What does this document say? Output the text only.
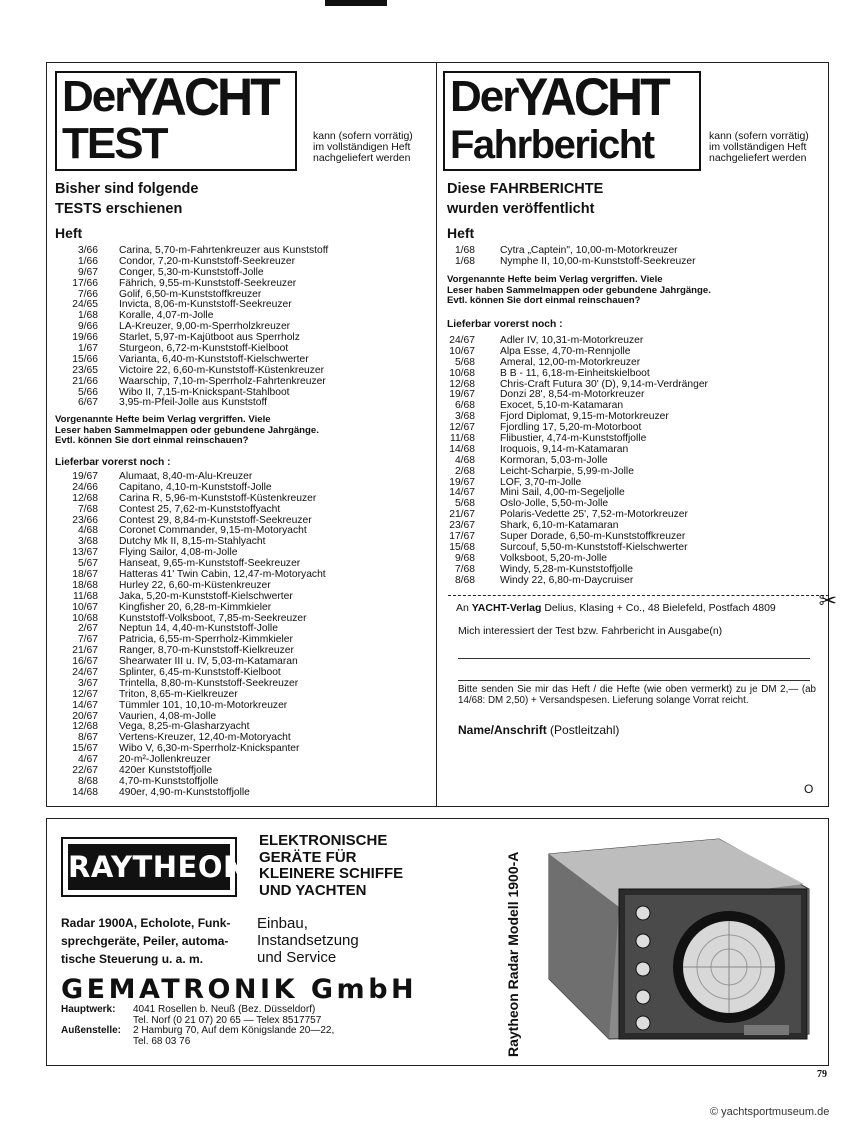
Der
YACHT
TEST	kann (sofern vorrätig)
im vollständigen Heft
nachgeliefert werden
Bisher sind folgende
TESTS erschienen
Heft
3/66 Carina, 5,70-m-Fahrtenkreuzer aus Kunststoff
1/66 Condor, 7,20-m-Kunststoff-Seekreuzer
9/67 Conger, 5,30-m-Kunststoff-Jolle
17/66 Fährich, 9,55-m-Kunststoff-Seekreuzer
7/66 Golif, 6,50-m-Kunststoffkreuzer
24/65 Invicta, 8,06-m-Kunststoff-Seekreuzer
1/68 Koralle, 4,07-m-Jolle
9/66 LA-Kreuzer, 9,00-m-Sperrholzkreuzer
19/66 Starlet, 5,97-m-Kajütboot aus Sperrholz
1/67 Sturgeon, 6,72-m-Kunststoff-Kielboot
15/66 Varianta, 6,40-m-Kunststoff-Kielschwerter
23/65 Victoire 22, 6,60-m-Kunststoff-Küstenkreuzer
21/66 Waarschip, 7,10-m-Sperrholz-Fahrtenkreuzer
5/66 Wibo II, 7,15-m-Knickspant-Stahlboot
6/67 3,95-m-Pfeil-Jolle aus Kunststoff
Vorgenannte Hefte beim Verlag vergriffen. Viele
Leser haben Sammelmappen oder gebundene Jahrgänge.
Evtl. können Sie dort einmal reinschauen?
Lieferbar vorerst noch :
19/67 Alumaat, 8,40-m-Alu-Kreuzer
24/66 Capitano, 4,10-m-Kunststoff-Jolle
12/68 Carina R, 5,96-m-Kunststoff-Küstenkreuzer
7/68 Contest 25, 7,62-m-Kunststoffyacht
23/66 Contest 29, 8,84-m-Kunststoff-Seekreuzer
4/68 Coronet Commander, 9,15-m-Motoryacht
3/68 Dutchy Mk II, 8,15-m-Stahlyacht
13/67 Flying Sailor, 4,08-m-Jolle
5/67 Hanseat, 9,65-m-Kunststoff-Seekreuzer
18/67 Hatteras 41' Twin Cabin, 12,47-m-Motoryacht
18/68 Hurley 22, 6,60-m-Küstenkreuzer
11/68 Jaka, 5,20-m-Kunststoff-Kielschwerter
10/67 Kingfisher 20, 6,28-m-Kimmkieler
10/68 Kunststoff-Volksboot, 7,85-m-Seekreuzer
2/67 Neptun 14, 4,40-m-Kunststoff-Jolle
7/67 Patricia, 6,55-m-Sperrholz-Kimmkieler
21/67 Ranger, 8,70-m-Kunststoff-Kielkreuzer
16/67 Shearwater III u. IV, 5,03-m-Katamaran
24/67 Splinter, 6,45-m-Kunststoff-Kielboot
3/67 Trintella, 8,80-m-Kunststoff-Seekreuzer
12/67 Triton, 8,65-m-Kielkreuzer
14/67 Tümmler 101, 10,10-m-Motorkreuzer
20/67 Vaurien, 4,08-m-Jolle
12/68 Vega, 8,25-m-Glasharzyacht
8/67 Vertens-Kreuzer, 12,40-m-Motoryacht
15/67 Wibo V, 6,30-m-Sperrholz-Knickspanter
4/67 20-m²-Jollenkreuzer
22/67 420er Kunststoffjolle
8/68 4,70-m-Kunststoffjolle
14/68 490er, 4,90-m-Kunststoffjolle
Der
YACHT
Fahrbericht	kann (sofern vorrätig)
im vollständigen Heft
nachgeliefert werden
Diese FAHRBERICHTE
wurden veröffentlicht
Heft
1/68 Cytra „Captein", 10,00-m-Motorkreuzer
1/68 Nymphe II, 10,00-m-Kunststoff-Seekreuzer
Vorgenannte Hefte beim Verlag vergriffen. Viele
Leser haben Sammelmappen oder gebundene Jahrgänge.
Evtl. können Sie dort einmal reinschauen?
Lieferbar vorerst noch :
24/67 Adler IV, 10,31-m-Motorkreuzer
10/67 Alpa Esse, 4,70-m-Rennjolle
5/68 Ameral, 12,00-m-Motorkreuzer
10/68 B B - 11, 6,18-m-Einheitskielboot
12/68 Chris-Craft Futura 30' (D), 9,14-m-Verdränger
19/67 Donzi 28', 8,54-m-Motorkreuzer
6/68 Exocet, 5,10-m-Katamaran
3/68 Fjord Diplomat, 9,15-m-Motorkreuzer
12/67 Fjordling 17, 5,20-m-Motorboot
11/68 Flibustier, 4,74-m-Kunststoffjolle
14/68 Iroquois, 9,14-m-Katamaran
4/68 Kormoran, 5,03-m-Jolle
2/68 Leicht-Scharpie, 5,99-m-Jolle
19/67 LOF, 3,70-m-Jolle
14/67 Mini Sail, 4,00-m-Segeljolle
5/68 Oslo-Jolle, 5,50-m-Jolle
21/67 Polaris-Vedette 25', 7,52-m-Motorkreuzer
23/67 Shark, 6,10-m-Katamaran
17/67 Super Dorade, 6,50-m-Kunststoffkreuzer
15/68 Surcouf, 5,50-m-Kunststoff-Kielschwerter
9/68 Volksboot, 5,20-m-Jolle
7/68 Windy, 5,28-m-Kunststoffjolle
8/68 Windy 22, 6,80-m-Daycruiser
An YACHT-Verlag Delius, Klasing + Co., 48 Bielefeld, Postfach 4809 ✂
Mich interessiert der Test bzw. Fahrbericht in Ausgabe(n)
Bitte senden Sie mir das Heft / die Hefte (wie oben vermerkt) zu je DM 2,— (ab 14/68: DM 2,50) + Versandspesen. Lieferung solange Vorrat reicht.
Name/Anschrift (Postleitzahl)
O
RAYTHEON
ELEKTRONISCHE
GERÄTE FÜR
KLEINERE SCHIFFE
UND YACHTEN
Radar 1900A, Echolote, Funk-
sprechgeräte, Peiler, automa-
tische Steuerung u. a. m.
Einbau,
Instandsetzung
und Service
GEMATRONIK GmbH
Hauptwerk: 4041 Rosellen b. Neuß (Bez. Düsseldorf)
Tel. Norf (0 21 07) 20 65 — Telex 8517757
Außenstelle: 2 Hamburg 70, Auf dem Königslande 20—22,
Tel. 68 03 76	Raytheon Radar Modell 1900-A
79
© yachtsportmuseum.de
